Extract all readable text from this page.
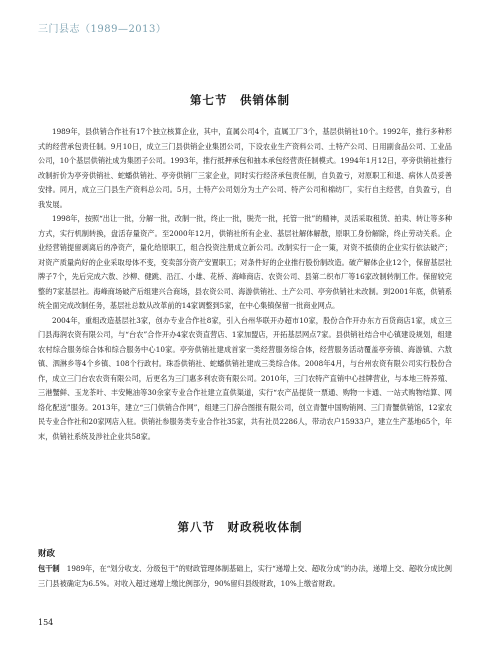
三门县志（1989—2013）
第七节　供销体制

1989年，县供销合作社有17个独立核算企业，其中，直属公司4个，直属工厂3个，基层供销社10个。1992年，推行多种形式的经营承包责任制。9月10日，成立三门县供销企业集团公司，下设农业生产资料公司、土特产公司、日用副食品公司、工业品公司，10个基层供销社成为集团子公司。1993年，推行抵押承包和抽本承包经营责任制模式。1994年1月12日，亭旁供销社推行改制折价为亭旁供销社、蛇蟠供销社、亭旁供销厂三家企业，同时实行经济承包责任制，自负盈亏，对原职工和退、病休人员妥善安排。同月，成立三门县生产资料总公司。5月，土特产公司划分为土产公司、特产公司和棉纺厂，实行自主经营，自负盈亏，自我发展。

1998年，按照“出让一批，分解一批，改制一批，终止一批，脱壳一批，托管一批”的精神，灵活采取租赁、拍卖、转让等多种方式，实行机制转换，盘活存量资产。至2000年12月，供销社所有企业、基层社解体解散，原职工身份解除，终止劳动关系。企业经营销提留剥离后的净资产，量化给原职工，组合投资注册成立新公司。改制实行一企一策，对资不抵债的企业实行依法破产；对资产质量尚好的企业采取母体不变，变卖部分资产安置职工；对条件好的企业推行股份制改造。破产解体企业12个，保留基层社牌子7个，先后完成六敖、沙柳、健跳、沿江、小雄、花桥、海峰商店、农资公司、县第二织布厂等16家改制转制工作。保留较完整的7家基层社。海峰商场破产后组建兴合商场，县农资公司、海游供销社、土产公司、亭旁供销社未改制。到2001年底，供销系统全面完成改制任务，基层社总数从改革前的14家调整到5家，在中心集镇保留一批商业网点。

2004年，重组改造基层社3家，创办专业合作社8家，引入台州华联开办超市10家，股份合作开办东方百货商店1家，成立三门县海润农资有限公司，与“台农”合作开办4家农资直营店、1家加盟店，开拓基层网点7家。县供销社结合中心镇建设规划，组建农村综合服务综合体和综合服务中心10家。亭旁供销社建成首家一类经营服务综合体，经营服务活动覆盖亭旁镇、海游镇、六敖镇、泗淋乡等4个乡镇、108个行政村。珠岙供销社、蛇蟠供销社建成三类综合体。2008年4月，与台州农资有限公司实行股份合作，成立三门台农农资有限公司，后更名为三门惠多利农资有限公司。2010年，三门农特产直销中心挂牌营业，与本地三特养殖、三港蟹鲜、玉龙茶叶、丰安鲍油等30余家专业合作社建立直供渠道，实行“农产品提货一票通、购物一卡通、一站式购物结算、网络化配送”服务。2013年，建立“三门供销合作网”，组建三门辞合图报有限公司，创立青蟹中国购销网、三门青蟹供销馆，12家农民专业合作社和20家网店入驻。供销社参服务类专业合作社35家，共有社员2286人，带动农户15933户，建立生产基地65个，年末，供销社系统及涉社企业共58家。

第八节　财政税收体制
财政

包干制　1989年，在“划分收支、分级包干”的财政管理体制基础上，实行“递增上交、超收分成”的办法，递增上交、超收分成比例三门县被确定为6.5%。对收入超过递增上缴比例部分，90%留归县级财政，10%上缴省财政。

154
